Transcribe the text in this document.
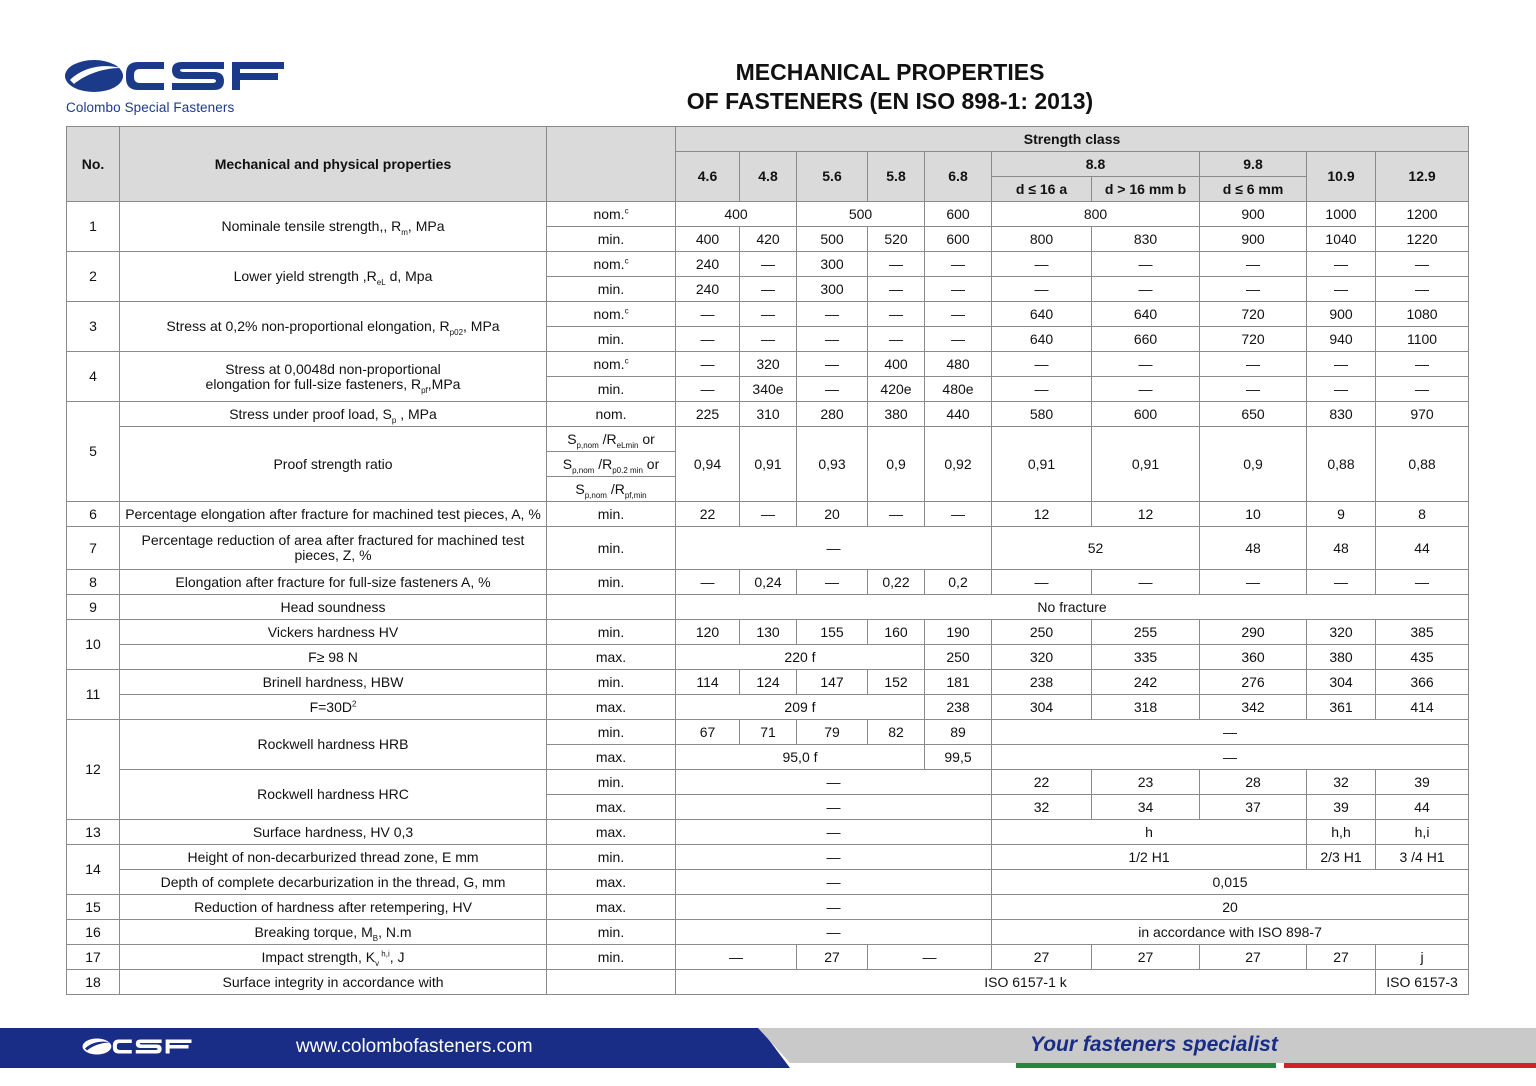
Colombo Special Fasteners
MECHANICAL PROPERTIES
OF FASTENERS (EN ISO 898-1: 2013)
No.	Mechanical and physical properties		Strength class									
			4.6	4.8	5.6	5.8	6.8	8.8		9.8	10.9	12.9
								d ≤ 16 a	d > 16 mm b	d ≤ 6 mm		
1	Nominale tensile strength,, $R_m$, MPa	nom.$^c$	400		500		600	800		900	1000	1200
		min.	400	420	500	520	600	800	830	900	1040	1220
2	Lower yield strength $,R_{eL}$ d, Mpa	nom.$^c$	240	—	300	—	—	—	—	—	—	—
		min.	240	—	300	—	—	—	—	—	—	—
3	Stress at 0,2% non-proportional elongation, $R_{p02}$, MPa	nom.$^c$	—	—	—	—	—	640	640	720	900	1080
		min.	—	—	—	—	—	640	660	720	940	1100
4	Stress at 0,0048d non-proportional
elongation for full-size fasteners, $R_{pf},MPa$	nom.$^c$	—	320	—	400	480	—	—	—	—	—
		min.	—	340e	—	420e	480e	—	—	—	—	—
5	Stress under proof load, $S_p$ , MPa	nom.	225	310	280	380	440	580	600	650	830	970
	Proof strength ratio	$S_{p,nom}$ $/R_{eLmin}$ or	0,94	0,91	0,93	0,9	0,92	0,91	0,91	0,9	0,88	0,88
		$S_{p,nom}$ $/R_{p0.2 min}$ or										
		$S_{p,nom}$ $/R_{pf,min}$
6	Percentage elongation after fracture for machined test pieces, A, %	min.	22	—	20	—	—	12	12	10	9	8
7	Percentage reduction of area after fractured for machined test pieces, Z, %	min.	—					52		48	48	44
8	Elongation after fracture for full-size fasteners A, %	min.	—	0,24	—	0,22	0,2	—	—	—	—	—
9	Head soundness		No fracture									
10	Vickers hardness HV	min.	120	130	155	160	190	250	255	290	320	385
	F≥ 98 N	max.	220 f				250	320	335	360	380	435
11	Brinell hardness, HBW	min.	114	124	147	152	181	238	242	276	304	366
	$F=30D^2$	max.	209 f				238	304	318	342	361	414
12	Rockwell hardness HRB	min.	67	71	79	82	89	—				
		max.	95,0 f				99,5	—				
	Rockwell hardness HRC	min.	—					22	23	28	32	39
		max.	—					32	34	37	39	44
13	Surface hardness, HV 0,3	max.	—					h			h,h	h,i
14	Height of non-decarburized thread zone, E mm	min.	—					1/2 H1			2/3 H1	3 /4 H1
	Depth of complete decarburization in the thread, G, mm	max.	—					0,015				
15	Reduction of hardness after retempering, HV	max.	—					20				
16	Breaking torque, $M_B$, N.m	min.	—					in accordance with ISO 898-7				
17	Impact strength, $K_v$ $^{h,i}$, J	min.	—		27	—		27	27	27	27	j
18	Surface integrity in accordance with		ISO 6157-1 k									ISO 6157-3
www.colombofasteners.com	Your fasteners specialist
